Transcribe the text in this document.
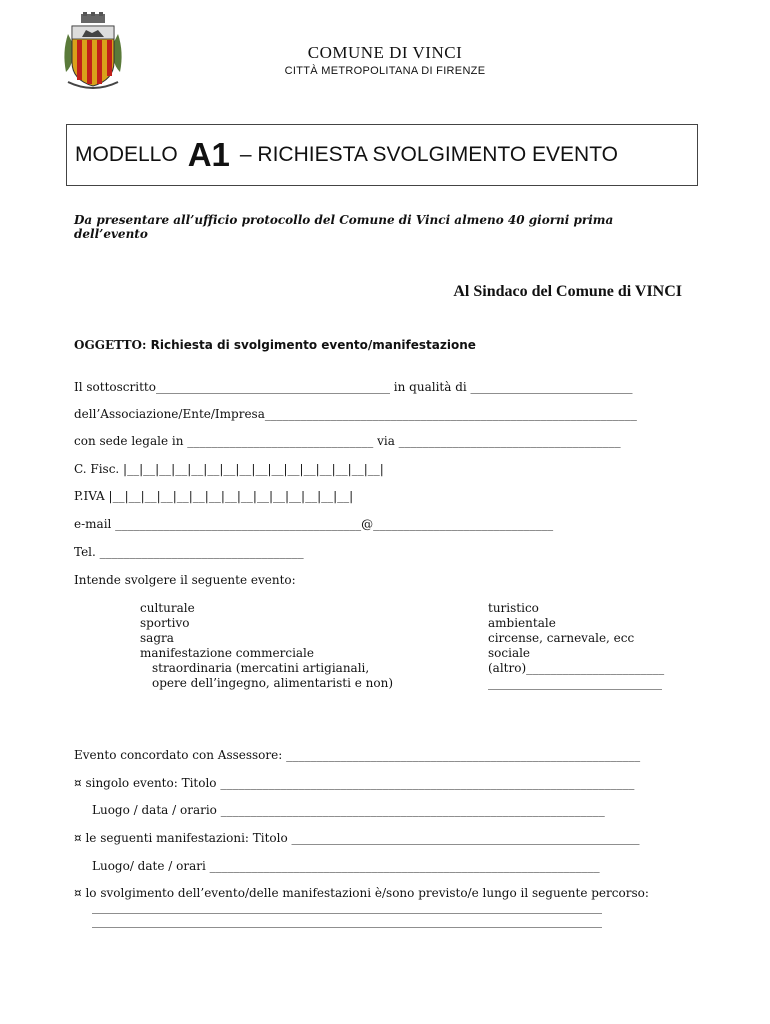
COMUNE DI VINCI
CITTÀ METROPOLITANA DI FIRENZE
MODELLO A1 – RICHIESTA SVOLGIMENTO EVENTO
Da presentare all’ufficio protocollo del Comune di Vinci almeno 40 giorni prima dell’evento
Al Sindaco del Comune di VINCI
OGGETTO: Richiesta di svolgimento evento/manifestazione
Il sottoscritto_______________________________________ in qualità di ___________________________
dell’Associazione/Ente/Impresa______________________________________________________________
con sede legale in _______________________________ via _____________________________________
C. Fisc. |__|__|__|__|__|__|__|__|__|__|__|__|__|__|__|__|
P.IVA |__|__|__|__|__|__|__|__|__|__|__|__|__|__|__|
e-mail _________________________________________@______________________________
Tel. __________________________________
Intende svolgere il seguente evento:
culturale
sportivo
sagra
manifestazione commerciale
straordinaria (mercatini artigianali,
opere dell’ingegno, alimentaristi e non)
turistico
ambientale
circense, carnevale, ecc
sociale
(altro)_______________________
_____________________________
Evento concordato con Assessore: ___________________________________________________________
¤ singolo evento: Titolo _____________________________________________________________________
Luogo / data / orario ________________________________________________________________
¤ le seguenti manifestazioni: Titolo __________________________________________________________
Luogo/ date / orari _________________________________________________________________
¤ lo svolgimento dell’evento/delle manifestazioni è/sono previsto/e lungo il seguente percorso:
_____________________________________________________________________________________
_____________________________________________________________________________________
